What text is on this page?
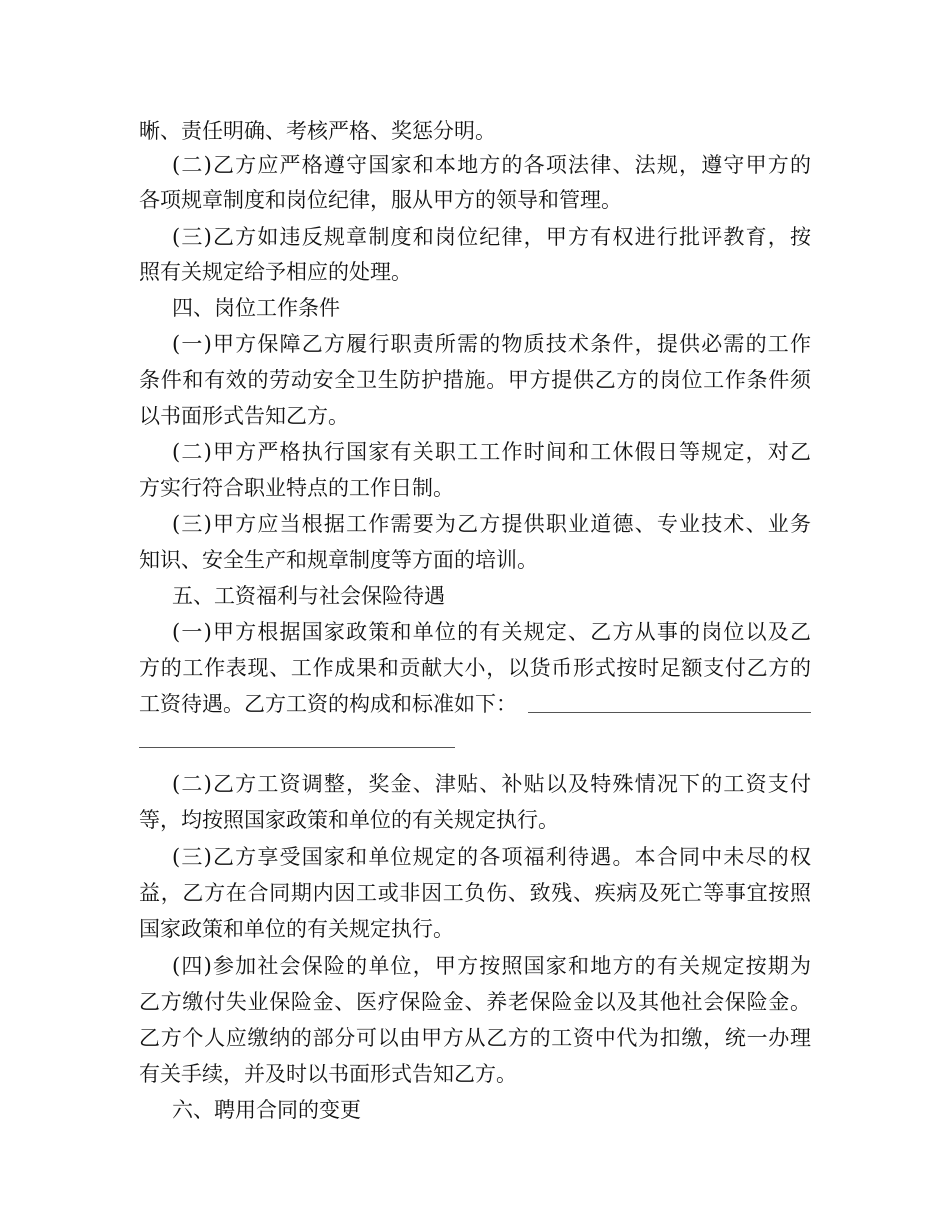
晰、责任明确、考核严格、奖惩分明。
(二)乙方应严格遵守国家和本地方的各项法律、法规，遵守甲方的
各项规章制度和岗位纪律，服从甲方的领导和管理。
(三)乙方如违反规章制度和岗位纪律，甲方有权进行批评教育，按
照有关规定给予相应的处理。
四、岗位工作条件
(一)甲方保障乙方履行职责所需的物质技术条件，提供必需的工作
条件和有效的劳动安全卫生防护措施。甲方提供乙方的岗位工作条件须
以书面形式告知乙方。
(二)甲方严格执行国家有关职工工作时间和工休假日等规定，对乙
方实行符合职业特点的工作日制。
(三)甲方应当根据工作需要为乙方提供职业道德、专业技术、业务
知识、安全生产和规章制度等方面的培训。
五、工资福利与社会保险待遇
(一)甲方根据国家政策和单位的有关规定、乙方从事的岗位以及乙
方的工作表现、工作成果和贡献大小，以货币形式按时足额支付乙方的
工资待遇。乙方工资的构成和标准如下：
(二)乙方工资调整，奖金、津贴、补贴以及特殊情况下的工资支付
等，均按照国家政策和单位的有关规定执行。
(三)乙方享受国家和单位规定的各项福利待遇。本合同中未尽的权
益，乙方在合同期内因工或非因工负伤、致残、疾病及死亡等事宜按照
国家政策和单位的有关规定执行。
(四)参加社会保险的单位，甲方按照国家和地方的有关规定按期为
乙方缴付失业保险金、医疗保险金、养老保险金以及其他社会保险金。
乙方个人应缴纳的部分可以由甲方从乙方的工资中代为扣缴，统一办理
有关手续，并及时以书面形式告知乙方。
六、聘用合同的变更
